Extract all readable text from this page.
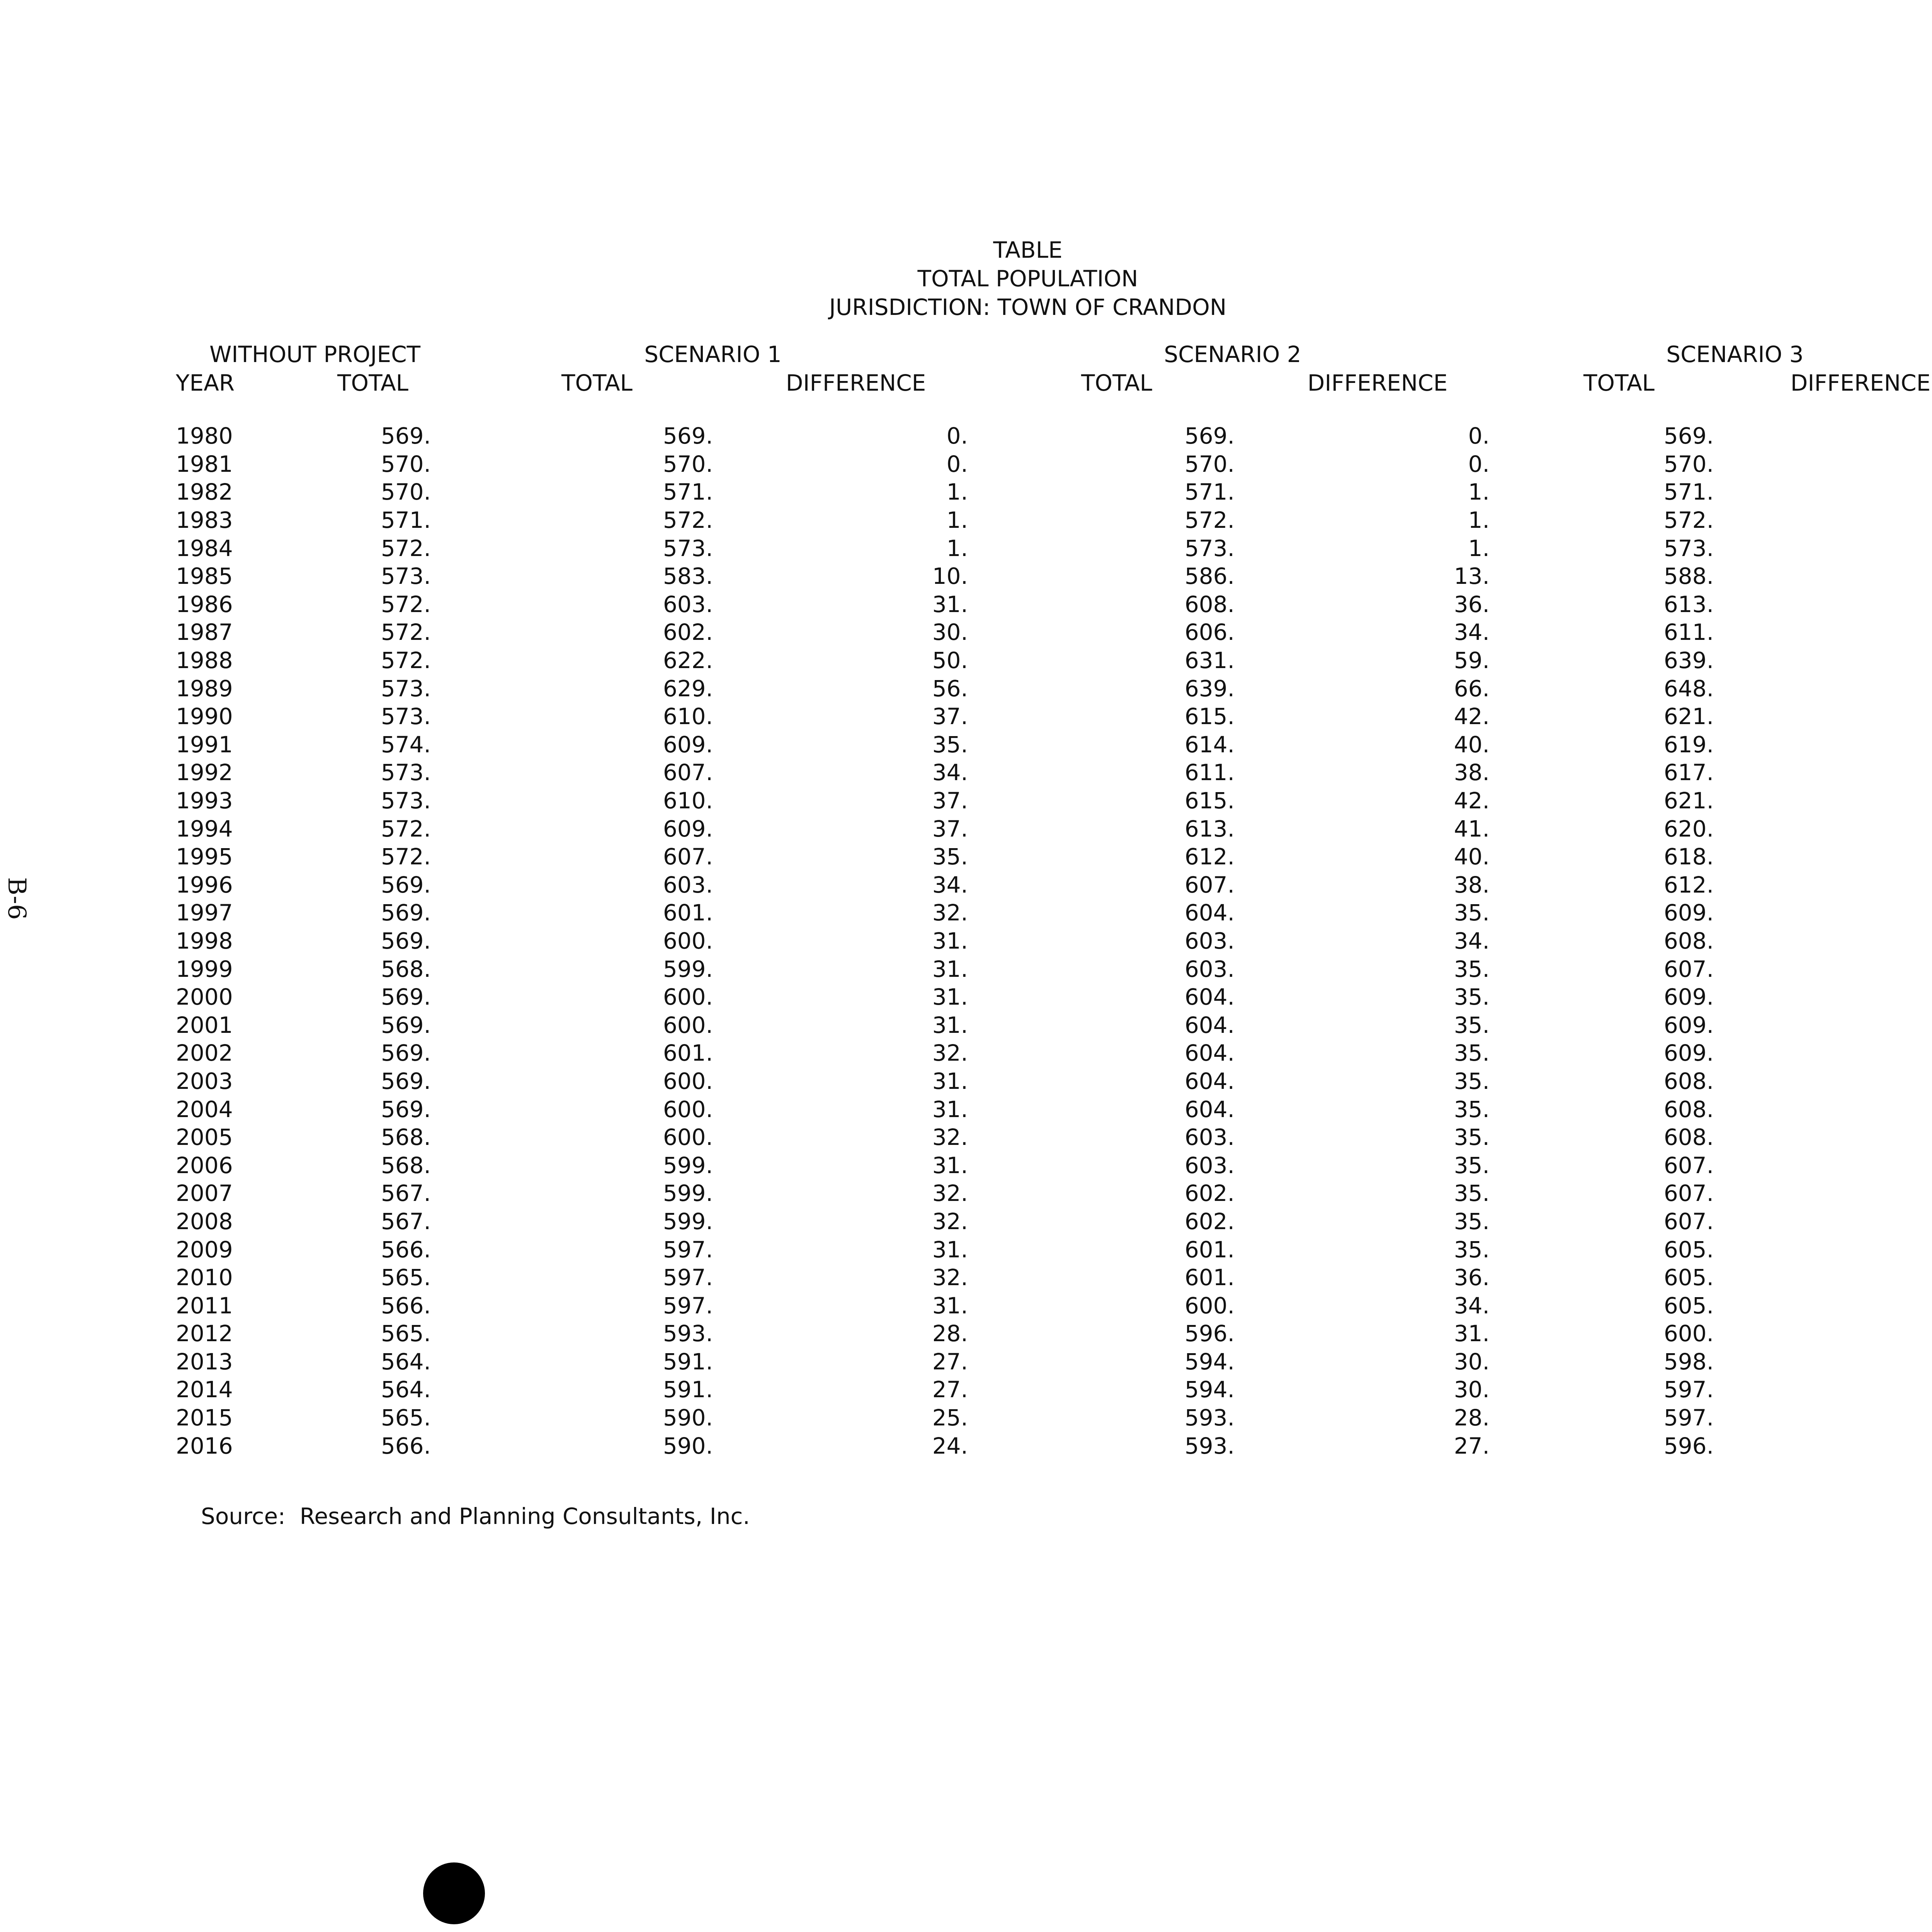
TABLE
TOTAL POPULATION
JURISDICTION: TOWN OF CRANDON
WITHOUT PROJECT		SCENARIO 1		SCENARIO 2		SCENARIO 3	
YEAR	TOTAL	TOTAL	DIFFERENCE	TOTAL	DIFFERENCE	TOTAL	DIFFERENCE

1980	569.	569.	0.	569.	0.	569.	
1981	570.	570.	0.	570.	0.	570.	
1982	570.	571.	1.	571.	1.	571.	
1983	571.	572.	1.	572.	1.	572.	
1984	572.	573.	1.	573.	1.	573.	
1985	573.	583.	10.	586.	13.	588.	
1986	572.	603.	31.	608.	36.	613.	
1987	572.	602.	30.	606.	34.	611.	
1988	572.	622.	50.	631.	59.	639.	
1989	573.	629.	56.	639.	66.	648.	
1990	573.	610.	37.	615.	42.	621.	
1991	574.	609.	35.	614.	40.	619.	
1992	573.	607.	34.	611.	38.	617.	
1993	573.	610.	37.	615.	42.	621.	
1994	572.	609.	37.	613.	41.	620.	
1995	572.	607.	35.	612.	40.	618.	
1996	569.	603.	34.	607.	38.	612.	
1997	569.	601.	32.	604.	35.	609.	
1998	569.	600.	31.	603.	34.	608.	
1999	568.	599.	31.	603.	35.	607.	
2000	569.	600.	31.	604.	35.	609.	
2001	569.	600.	31.	604.	35.	609.	
2002	569.	601.	32.	604.	35.	609.	
2003	569.	600.	31.	604.	35.	608.	
2004	569.	600.	31.	604.	35.	608.	
2005	568.	600.	32.	603.	35.	608.	
2006	568.	599.	31.	603.	35.	607.	
2007	567.	599.	32.	602.	35.	607.	
2008	567.	599.	32.	602.	35.	607.	
2009	566.	597.	31.	601.	35.	605.	
2010	565.	597.	32.	601.	36.	605.	
2011	566.	597.	31.	600.	34.	605.	
2012	565.	593.	28.	596.	31.	600.	
2013	564.	591.	27.	594.	30.	598.	
2014	564.	591.	27.	594.	30.	597.	
2015	565.	590.	25.	593.	28.	597.	
2016	566.	590.	24.	593.	27.	596.	
Source:  Research and Planning Consultants, Inc.
B-6
